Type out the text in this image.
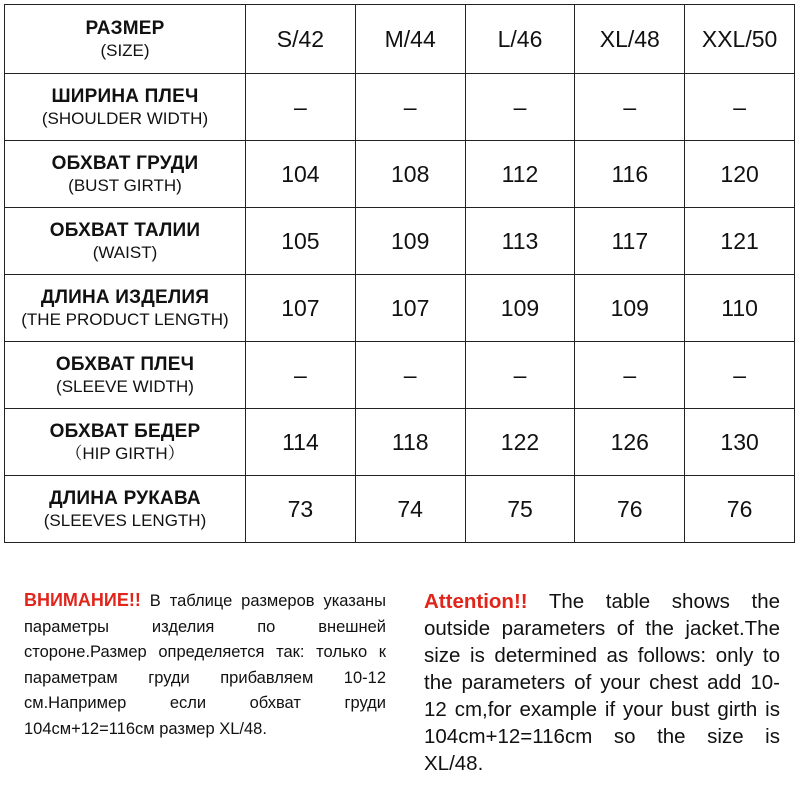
РАЗМЕР
(SIZE)	S/42	M/44	L/46	XL/48	XXL/50

ШИРИНА ПЛЕЧ
(SHOULDER WIDTH)	–	–	–	–	–

ОБХВАТ ГРУДИ
(BUST GIRTH)	104	108	112	116	120

ОБХВАТ ТАЛИИ
(WAIST)	105	109	113	117	121

ДЛИНА ИЗДЕЛИЯ
(THE PRODUCT LENGTH)	107	107	109	109	110

ОБХВАТ ПЛЕЧ
(SLEEVE WIDTH)	–	–	–	–	–

ОБХВАТ БЕДЕР
（HIP GIRTH）	114	118	122	126	130

ДЛИНА РУКАВА
(SLEEVES LENGTH)	73	74	75	76	76
ВНИМАНИЕ!! В таблице размеров указаны параметры изделия по внешней стороне.Размер определяется так: только к параметрам груди прибавляем 10-12 см.Например если обхват груди 104см+12=116см размер XL/48.
Attention!! The table shows the outside parameters of the jacket.The size is determined as follows: only to the parameters of your chest add 10-12 cm,for example if your bust girth is 104cm+12=116cm so the size is XL/48.
